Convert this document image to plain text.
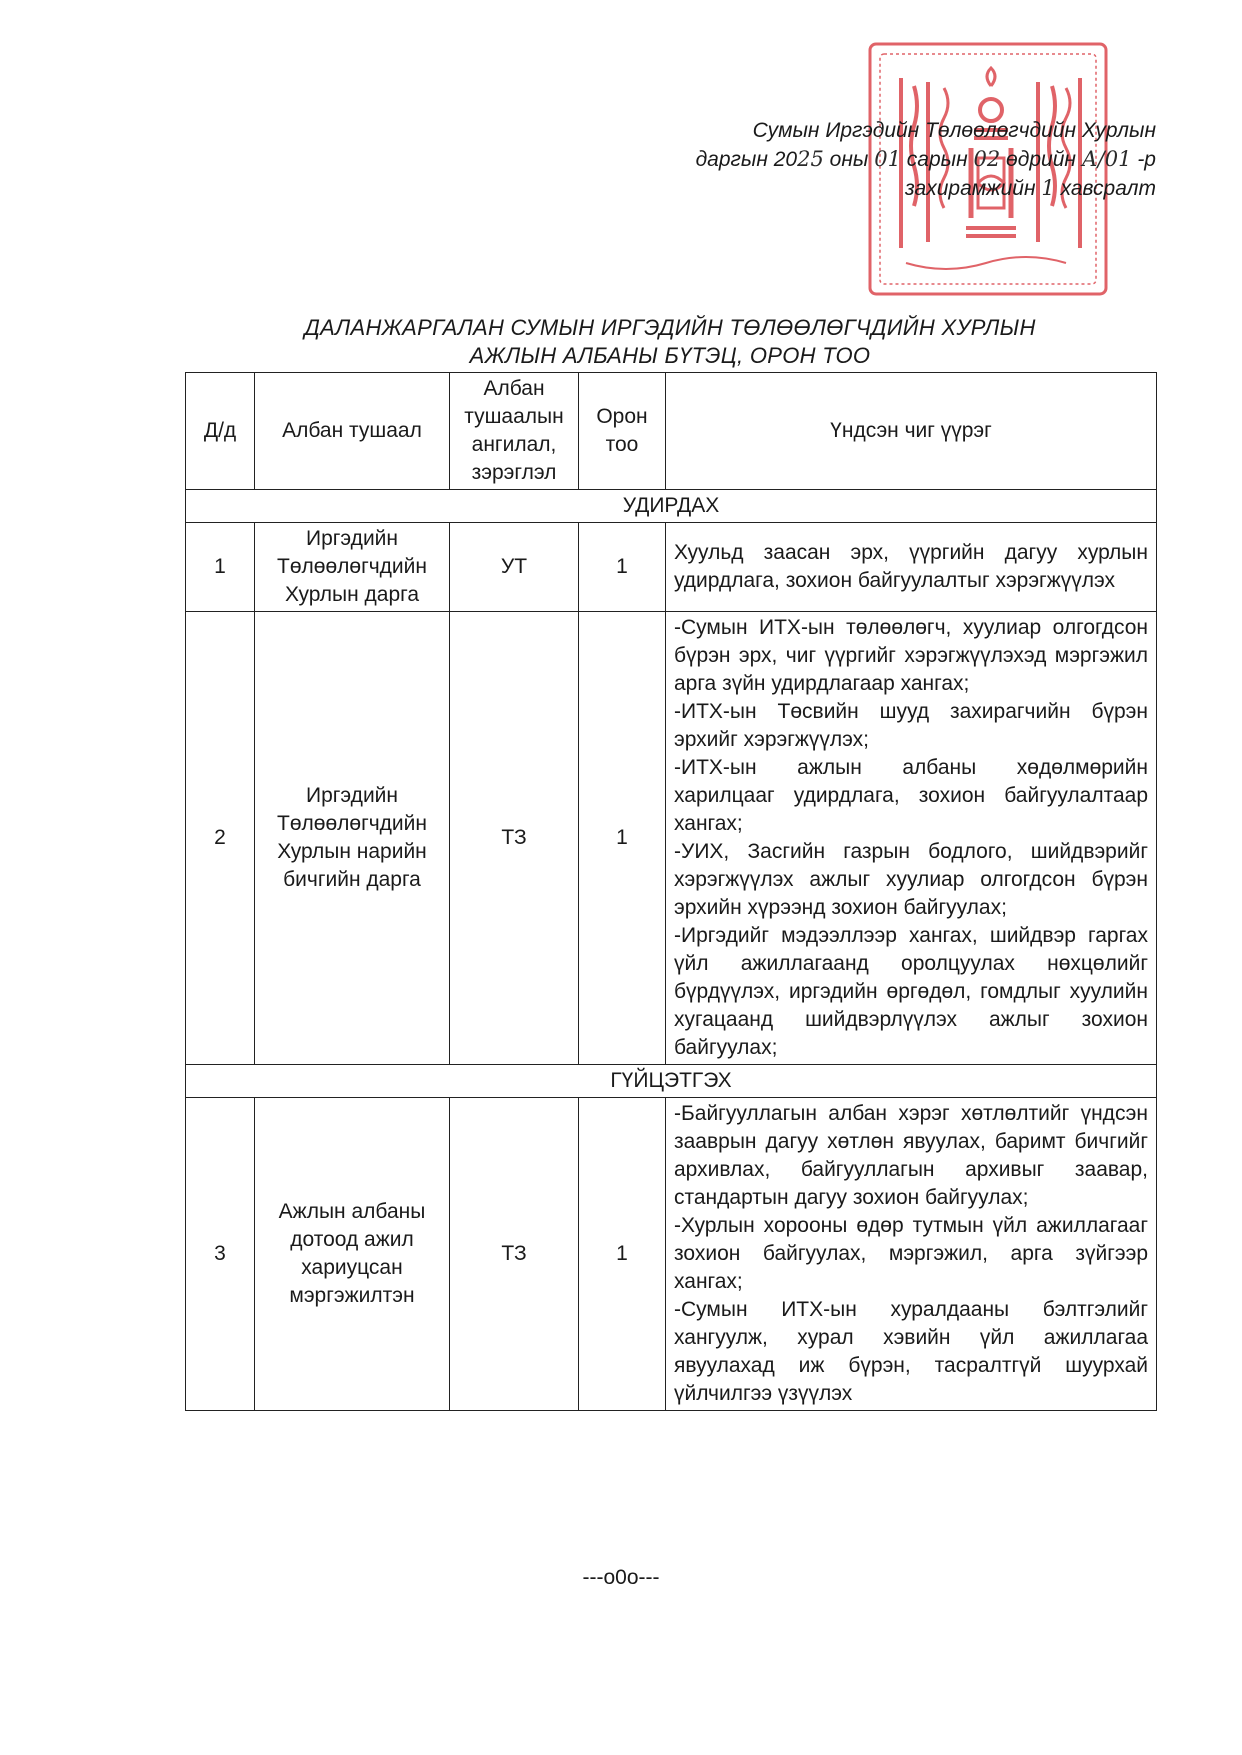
Сумын Иргэдийн Төлөөлөгчдийн Хурлын
даргын 2025 оны 01 сарын 02 өдрийн А/01 -р
захирамжийн 1 хавсралт
ДАЛАНЖАРГАЛАН СУМЫН ИРГЭДИЙН ТӨЛӨӨЛӨГЧДИЙН ХУРЛЫН
АЖЛЫН АЛБАНЫ БҮТЭЦ, ОРОН ТОО
Д/д	Албан тушаал	Албан тушаалын ангилал, зэрэглэл	Орон тоо	Үндсэн чиг үүрэг
УДИРДАХ				
1	Иргэдийн Төлөөлөгчдийн Хурлын дарга	УТ	1	Хуульд заасан эрх, үүргийн дагуу хурлын удирдлага, зохион байгуулалтыг хэрэгжүүлэх

2	Иргэдийн Төлөөлөгчдийн Хурлын нарийн бичгийн дарга	ТЗ	1	-Сумын ИТХ-ын төлөөлөгч, хуулиар олгогдсон бүрэн эрх, чиг үүргийг хэрэгжүүлэхэд мэргэжил арга зүйн удирдлагаар хангах;
-ИТХ-ын Төсвийн шууд захирагчийн бүрэн эрхийг хэрэгжүүлэх;
-ИТХ-ын ажлын албаны хөдөлмөрийн харилцааг удирдлага, зохион байгуулалтаар хангах;
-УИХ, Засгийн газрын бодлого, шийдвэрийг хэрэгжүүлэх ажлыг хуулиар олгогдсон бүрэн эрхийн хүрээнд зохион байгуулах;
-Иргэдийг мэдээллээр хангах, шийдвэр гаргах үйл ажиллагаанд оролцуулах нөхцөлийг бүрдүүлэх, иргэдийн өргөдөл, гомдлыг хуулийн хугацаанд шийдвэрлүүлэх ажлыг зохион байгуулах;

ГҮЙЦЭТГЭХ				
3	Ажлын албаны дотоод ажил хариуцсан мэргэжилтэн	ТЗ	1	-Байгууллагын албан хэрэг хөтлөлтийг үндсэн зааврын дагуу хөтлөн явуулах, баримт бичгийг архивлах, байгууллагын архивыг заавар, стандартын дагуу зохион байгуулах;
-Хурлын хорооны өдөр тутмын үйл ажиллагааг зохион байгуулах, мэргэжил, арга зүйгээр хангах;
-Сумын ИТХ-ын хуралдааны бэлтгэлийг хангуулж, хурал хэвийн үйл ажиллагаа явуулахад иж бүрэн, тасралтгүй шуурхай үйлчилгээ үзүүлэх
---o0o---
